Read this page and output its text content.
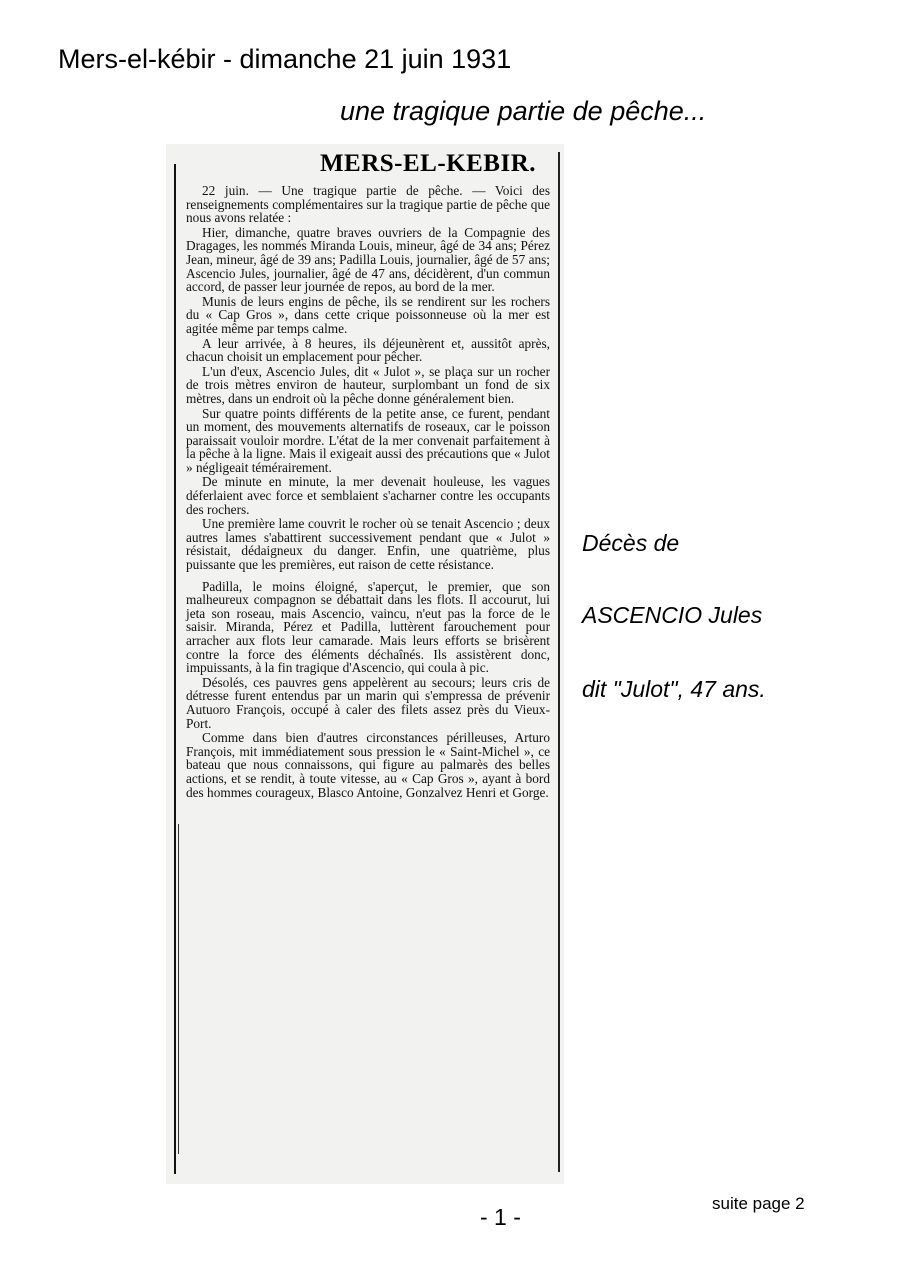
Mers-el-kébir - dimanche 21 juin 1931
une tragique partie de pêche...
MERS-EL-KEBIR.

22 juin. — Une tragique partie de pêche. — Voici des renseignements complémentaires sur la tragique partie de pêche que nous avons relatée :

Hier, dimanche, quatre braves ouvriers de la Compagnie des Dragages, les nommés Miranda Louis, mineur, âgé de 34 ans; Pérez Jean, mineur, âgé de 39 ans; Padilla Louis, journalier, âgé de 57 ans; Ascencio Jules, journalier, âgé de 47 ans, décidèrent, d'un commun accord, de passer leur journée de repos, au bord de la mer.

Munis de leurs engins de pêche, ils se rendirent sur les rochers du « Cap Gros », dans cette crique poissonneuse où la mer est agitée même par temps calme.

A leur arrivée, à 8 heures, ils déjeunèrent et, aussitôt après, chacun choisit un emplacement pour pêcher.

L'un d'eux, Ascencio Jules, dit « Julot », se plaça sur un rocher de trois mètres environ de hauteur, surplombant un fond de six mètres, dans un endroit où la pêche donne généralement bien.

Sur quatre points différents de la petite anse, ce furent, pendant un moment, des mouvements alternatifs de roseaux, car le poisson paraissait vouloir mordre. L'état de la mer convenait parfaitement à la pêche à la ligne. Mais il exigeait aussi des précautions que « Julot » négligeait témérairement.

De minute en minute, la mer devenait houleuse, les vagues déferlaient avec force et semblaient s'acharner contre les occupants des rochers.

Une première lame couvrit le rocher où se tenait Ascencio ; deux autres lames s'abattirent successivement pendant que « Julot » résistait, dédaigneux du danger. Enfin, une quatrième, plus puissante que les premières, eut raison de cette résistance.

Padilla, le moins éloigné, s'aperçut, le premier, que son malheureux compagnon se débattait dans les flots. Il accourut, lui jeta son roseau, mais Ascencio, vaincu, n'eut pas la force de le saisir. Miranda, Pérez et Padilla, luttèrent farouchement pour arracher aux flots leur camarade. Mais leurs efforts se brisèrent contre la force des éléments déchaînés. Ils assistèrent donc, impuissants, à la fin tragique d'Ascencio, qui coula à pic.

Désolés, ces pauvres gens appelèrent au secours; leurs cris de détresse furent entendus par un marin qui s'empressa de prévenir Autuoro François, occupé à caler des filets assez près du Vieux-Port.

Comme dans bien d'autres circonstances périlleuses, Arturo François, mit immédiatement sous pression le « Saint-Michel », ce bateau que nous connaissons, qui figure au palmarès des belles actions, et se rendit, à toute vitesse, au « Cap Gros », ayant à bord des hommes courageux, Blasco Antoine, Gonzalvez Henri et Gorge.

Décès de
ASCENCIO Jules
dit "Julot", 47 ans.
- 1 -
suite page 2
